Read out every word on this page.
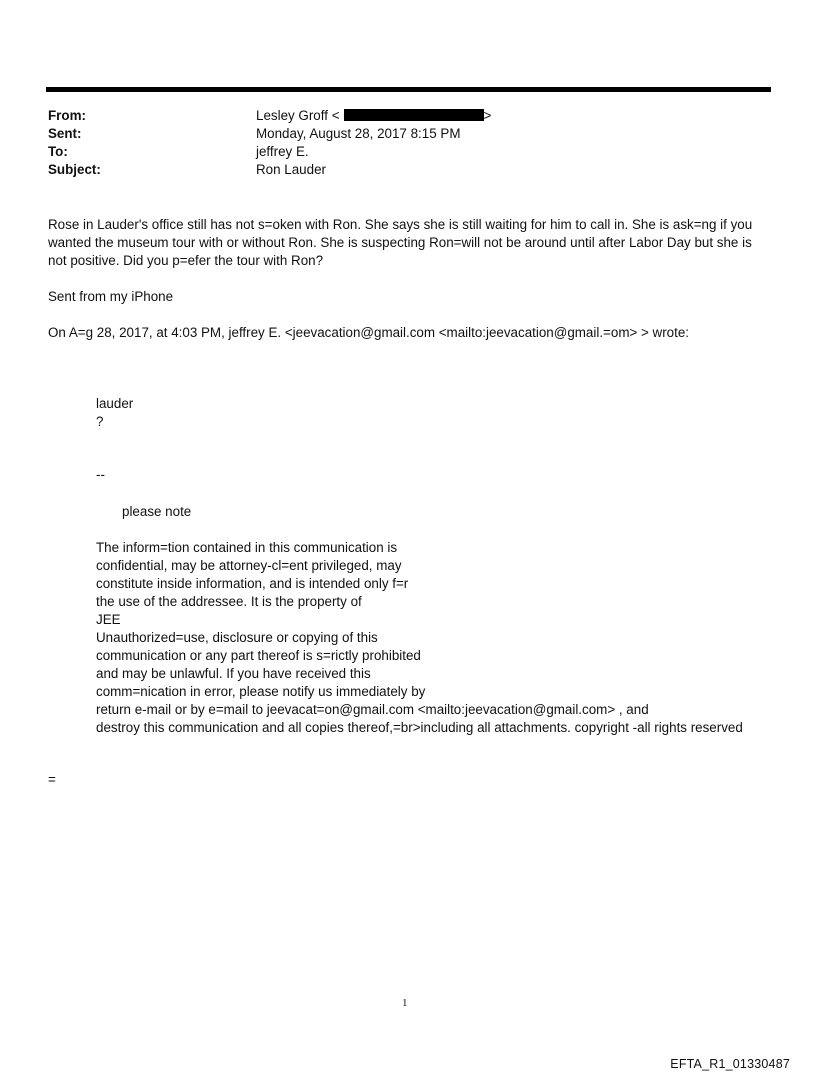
From:	Lesley Groff <	>
Sent:	Monday, August 28, 2017 8:15 PM
To:	jeffrey E.
Subject:	Ron Lauder
Rose in Lauder's office still has not s=oken with Ron. She says she is still waiting for him to call in. She is ask=ng if you
wanted the museum tour with or without Ron. She is suspecting Ron=will not be around until after Labor Day but she is
not positive. Did you p=efer the tour with Ron?
Sent from my iPhone
On A=g 28, 2017, at 4:03 PM, jeffrey E. <jeevacation@gmail.com <mailto:jeevacation@gmail.=om> > wrote:
lauder
?
--
please note
The inform=tion contained in this communication is
confidential, may be attorney-cl=ent privileged, may
constitute inside information, and is intended only f=r
the use of the addressee. It is the property of
JEE
Unauthorized=use, disclosure or copying of this
communication or any part thereof is s=rictly prohibited
and may be unlawful. If you have received this
comm=nication in error, please notify us immediately by
return e-mail or by e=mail to jeevacat=on@gmail.com <mailto:jeevacation@gmail.com> , and
destroy this communication and all copies thereof,=br>including all attachments. copyright -all rights reserved
=
1
EFTA_R1_01330487
